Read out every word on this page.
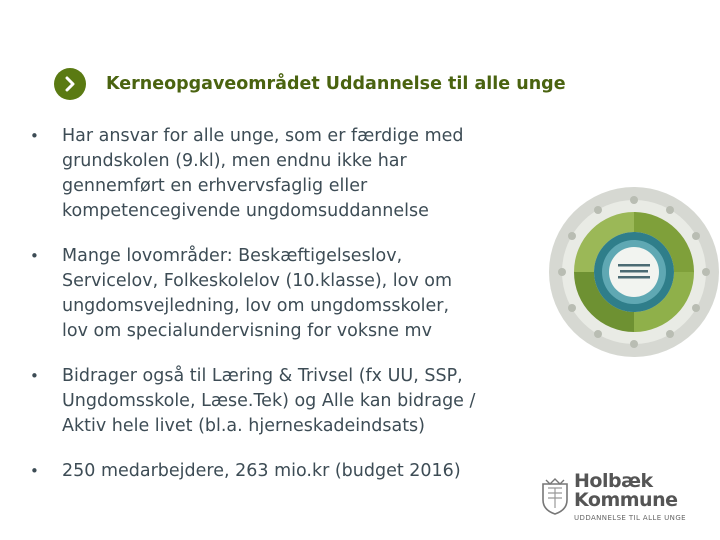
Kerneopgaveområdet Uddannelse til alle unge
• Har ansvar for alle unge, som er færdige med
grundskolen (9.kl), men endnu ikke har
gennemført en erhvervsfaglig eller
kompetencegivende ungdomsuddannelse
• Mange lovområder: Beskæftigelseslov,
Servicelov, Folkeskolelov (10.klasse), lov om
ungdomsvejledning, lov om ungdomsskoler,
lov om specialundervisning for voksne mv
• Bidrager også til Læring & Trivsel (fx UU, SSP,
Ungdomsskole, Læse.Tek) og Alle kan bidrage /
Aktiv hele livet (bl.a. hjerneskadeindsats)
• 250 medarbejdere, 263 mio.kr (budget 2016)	Holbæk
Kommune
UDDANNELSE TIL ALLE UNGE
